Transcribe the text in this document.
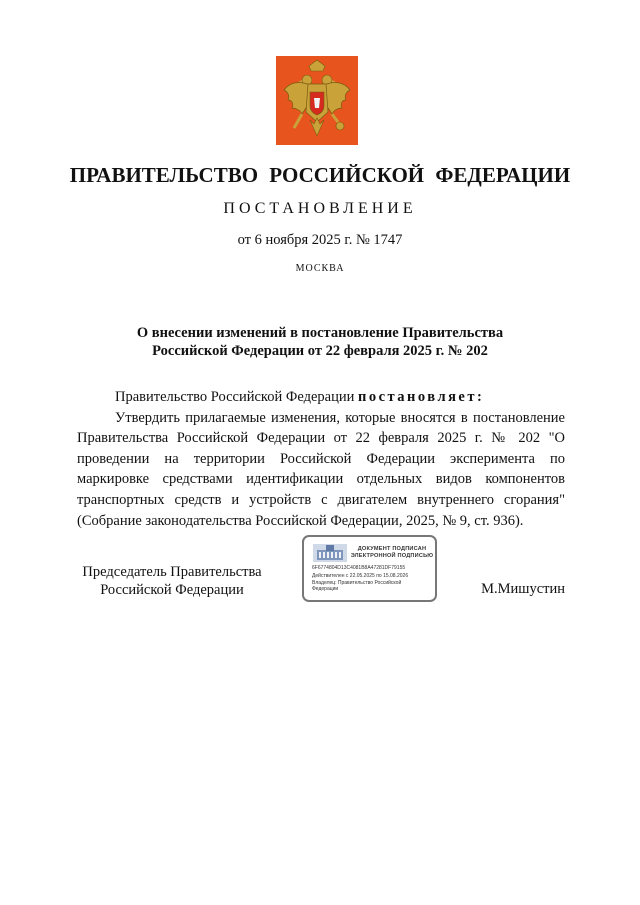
ПРАВИТЕЛЬСТВО РОССИЙСКОЙ ФЕДЕРАЦИИ
ПОСТАНОВЛЕНИЕ
от 6 ноября 2025 г. № 1747
МОСКВА
О внесении изменений в постановление Правительства
Российской Федерации от 22 февраля 2025 г. № 202

Правительство Российской Федерации постановляет:

Утвердить прилагаемые изменения, которые вносятся в постановление Правительства Российской Федерации от 22 февраля 2025 г. № 202 "О проведении на территории Российской Федерации эксперимента по маркировке средствами идентификации отдельных видов компонентов транспортных средств и устройств с двигателем внутреннего сгорания" (Собрание законодательства Российской Федерации, 2025, № 9, ст. 936).

Председатель Правительства
Российской Федерации
ДОКУМЕНТ ПОДПИСАН
ЭЛЕКТРОННОЙ ПОДПИСЬЮ
6F6774804D13C4081B8A47281DF79155
Действителен с 22.05.2025 по 15.08.2026
Владелец: Правительство Российской
Федерации	М.Мишустин
